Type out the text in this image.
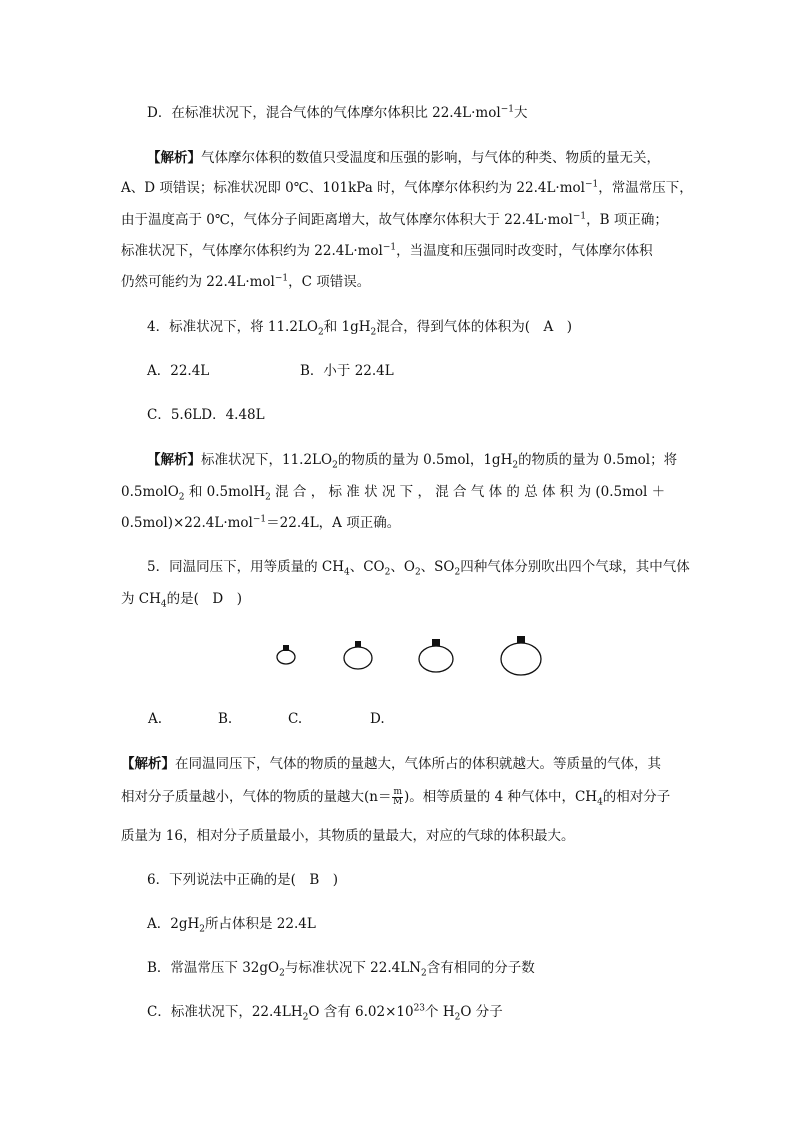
D．在标准状况下，混合气体的气体摩尔体积比 22.4L·mol$^{-1}$大
【解析】气体摩尔体积的数值只受温度和压强的影响，与气体的种类、物质的量无关，
A、D 项错误；标准状况即 0℃、101kPa 时，气体摩尔体积约为 22.4L·mol$^{-1}$，常温常压下，
由于温度高于 0℃，气体分子间距离增大，故气体摩尔体积大于 22.4L·mol$^{-1}$，B 项正确；
标准状况下，气体摩尔体积约为 22.4L·mol$^{-1}$，当温度和压强同时改变时，气体摩尔体积
仍然可能约为 22.4L·mol$^{-1}$，C 项错误。
4．标准状况下，将 $11.2LO_2$和 $1gH_2$混合，得到气体的体积为(　A　)
A．22.4L	B．小于 22.4L
C．5.6LD．4.48L
【解析】标准状况下，$11.2LO_2$的物质的量为 0.5mol，$1gH_2$的物质的量为 0.5mol；将
0.5molO$_2$ 和 0.5molH$_2$ 混 合 ， 标 准 状 况 下 ， 混 合 气 体 的 总 体 积 为 (0.5mol ＋
0.5mol)×22.4L·mol$^{-1}$＝22.4L，A 项正确。
5．同温同压下，用等质量的 $CH_4$、$CO_2$、$O_2$、$SO_2$四种气体分别吹出四个气球，其中气体
为 $CH_4$的是(　D　)
A.	B.	C.	D.
【解析】在同温同压下，气体的物质的量越大，气体所占的体积就越大。等质量的气体，其
相对分子质量越小，气体的物质的量越大($n= \frac{m}{M}$ )。相等质量的 4 种气体中，$CH_4$的相对分子
质量为 16，相对分子质量最小，其物质的量最大，对应的气球的体积最大。
6．下列说法中正确的是(　B　)
A．$2gH_2$所占体积是 22.4L
B．常温常压下 $32gO_2$与标准状况下 $22.4LN_2$含有相同的分子数
C．标准状况下，$22.4LH_2O$ 含有 $6.02\times 10^{23}$个 $H_2O$ 分子
